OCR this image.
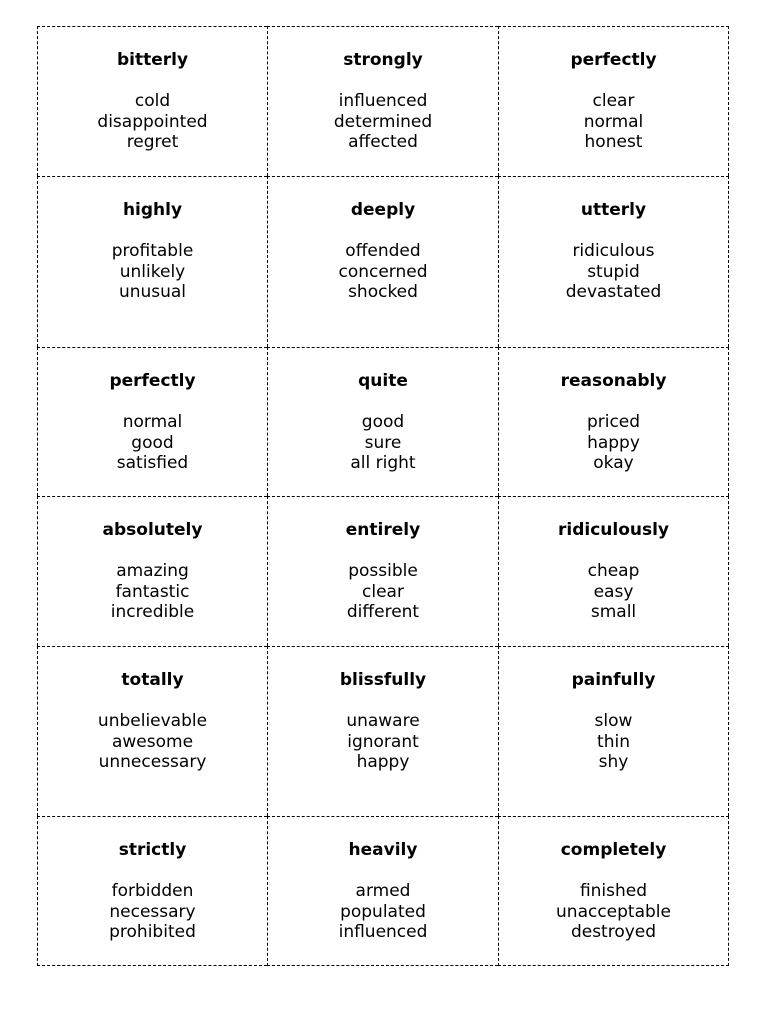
bitterly
cold
disappointed
regret
strongly
influenced
determined
affected
perfectly
clear
normal
honest
highly
profitable
unlikely
unusual
deeply
offended
concerned
shocked
utterly
ridiculous
stupid
devastated
perfectly
normal
good
satisfied
quite
good
sure
all right
reasonably
priced
happy
okay
absolutely
amazing
fantastic
incredible
entirely
possible
clear
different
ridiculously
cheap
easy
small
totally
unbelievable
awesome
unnecessary
blissfully
unaware
ignorant
happy
painfully
slow
thin
shy
strictly
forbidden
necessary
prohibited
heavily
armed
populated
influenced
completely
finished
unacceptable
destroyed
